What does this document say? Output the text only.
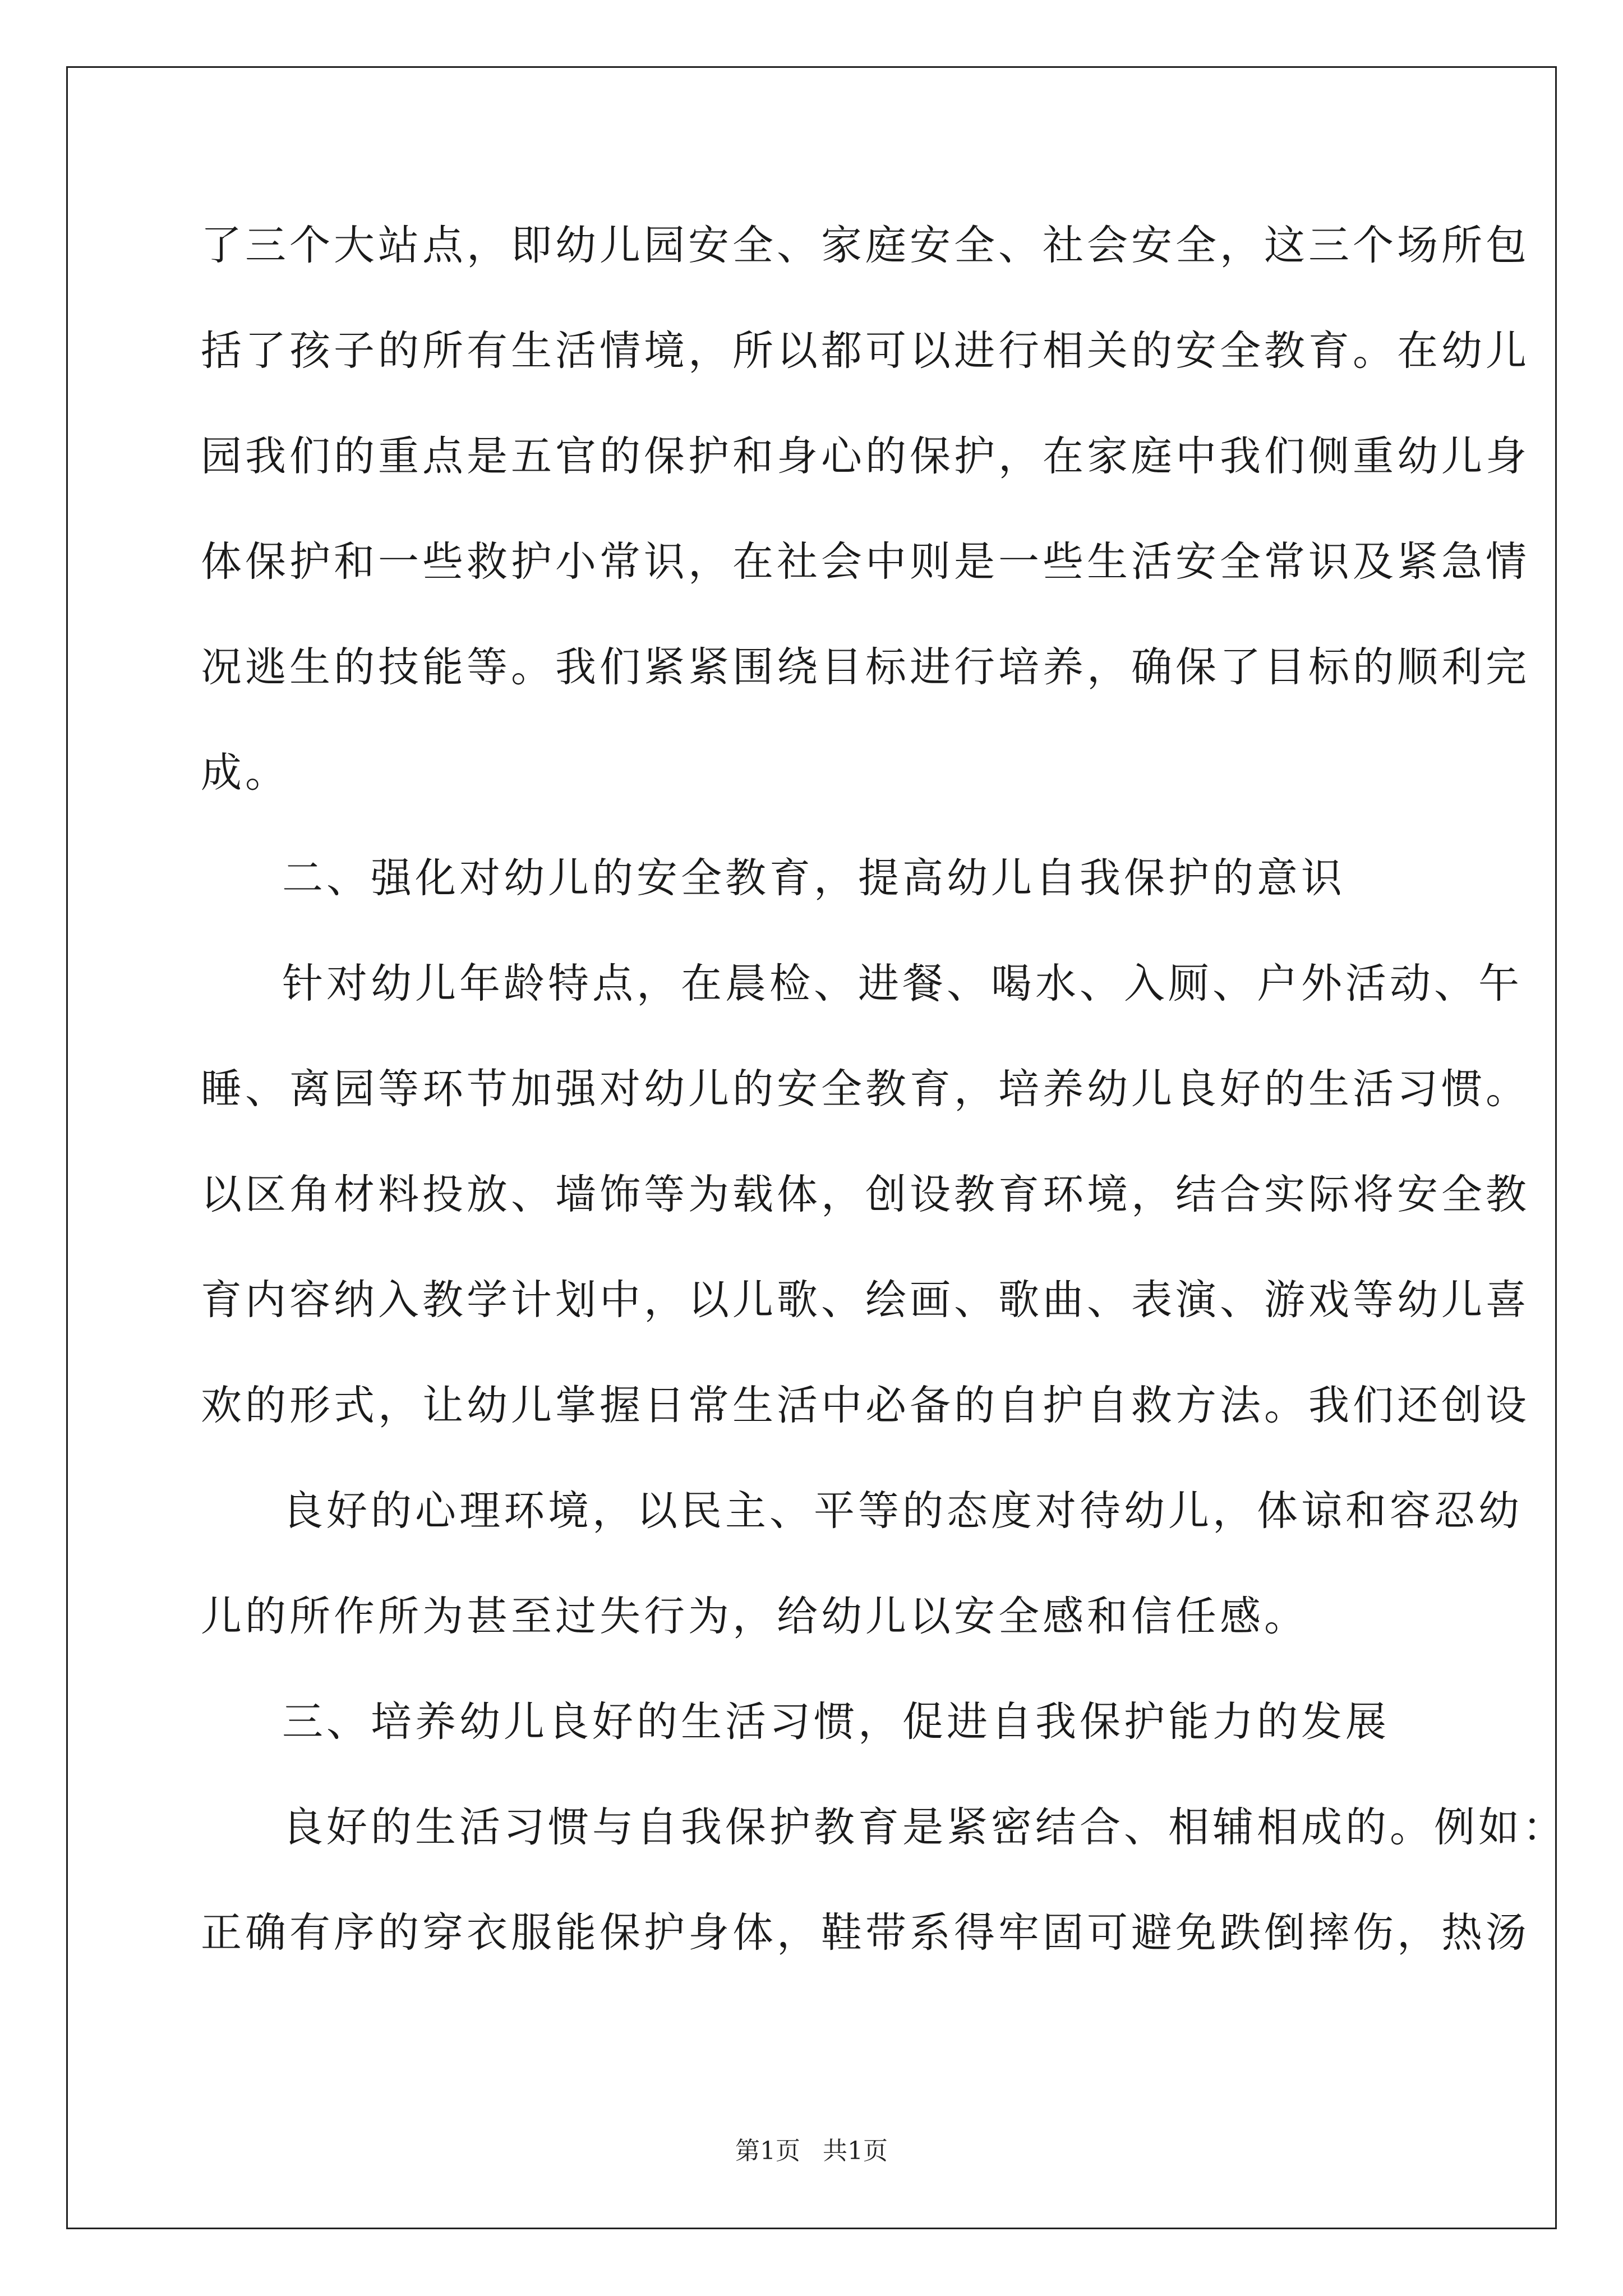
了三个大站点，即幼儿园安全、家庭安全、社会安全，这三个场所包
括了孩子的所有生活情境，所以都可以进行相关的安全教育。在幼儿
园我们的重点是五官的保护和身心的保护，在家庭中我们侧重幼儿身
体保护和一些救护小常识，在社会中则是一些生活安全常识及紧急情
况逃生的技能等。我们紧紧围绕目标进行培养，确保了目标的顺利完
成。
二、强化对幼儿的安全教育，提高幼儿自我保护的意识
针对幼儿年龄特点，在晨检、进餐、喝水、入厕、户外活动、午
睡、离园等环节加强对幼儿的安全教育，培养幼儿良好的生活习惯。
以区角材料投放、墙饰等为载体，创设教育环境，结合实际将安全教
育内容纳入教学计划中，以儿歌、绘画、歌曲、表演、游戏等幼儿喜
欢的形式，让幼儿掌握日常生活中必备的自护自救方法。我们还创设
良好的心理环境，以民主、平等的态度对待幼儿，体谅和容忍幼
儿的所作所为甚至过失行为，给幼儿以安全感和信任感。
三、培养幼儿良好的生活习惯，促进自我保护能力的发展
良好的生活习惯与自我保护教育是紧密结合、相辅相成的。例如：
正确有序的穿衣服能保护身体，鞋带系得牢固可避免跌倒摔伤，热汤
第1页 共1页
